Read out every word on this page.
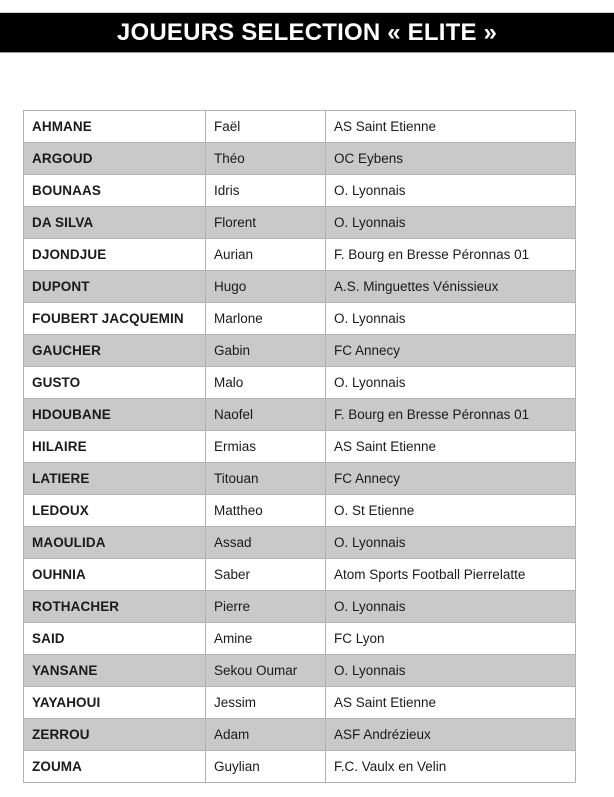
JOUEURS SELECTION « ELITE »
AHMANE	Faël	AS Saint Etienne
ARGOUD	Théo	OC Eybens
BOUNAAS	Idris	O. Lyonnais
DA SILVA	Florent	O. Lyonnais
DJONDJUE	Aurian	F. Bourg en Bresse Péronnas 01
DUPONT	Hugo	A.S. Minguettes Vénissieux
FOUBERT JACQUEMIN	Marlone	O. Lyonnais
GAUCHER	Gabin	FC Annecy
GUSTO	Malo	O. Lyonnais
HDOUBANE	Naofel	F. Bourg en Bresse Péronnas 01
HILAIRE	Ermias	AS Saint Etienne
LATIERE	Titouan	FC Annecy
LEDOUX	Mattheo	O. St Etienne
MAOULIDA	Assad	O. Lyonnais
OUHNIA	Saber	Atom Sports Football Pierrelatte
ROTHACHER	Pierre	O. Lyonnais
SAID	Amine	FC Lyon
YANSANE	Sekou Oumar	O. Lyonnais
YAYAHOUI	Jessim	AS Saint Etienne
ZERROU	Adam	ASF Andrézieux
ZOUMA	Guylian	F.C. Vaulx en Velin
